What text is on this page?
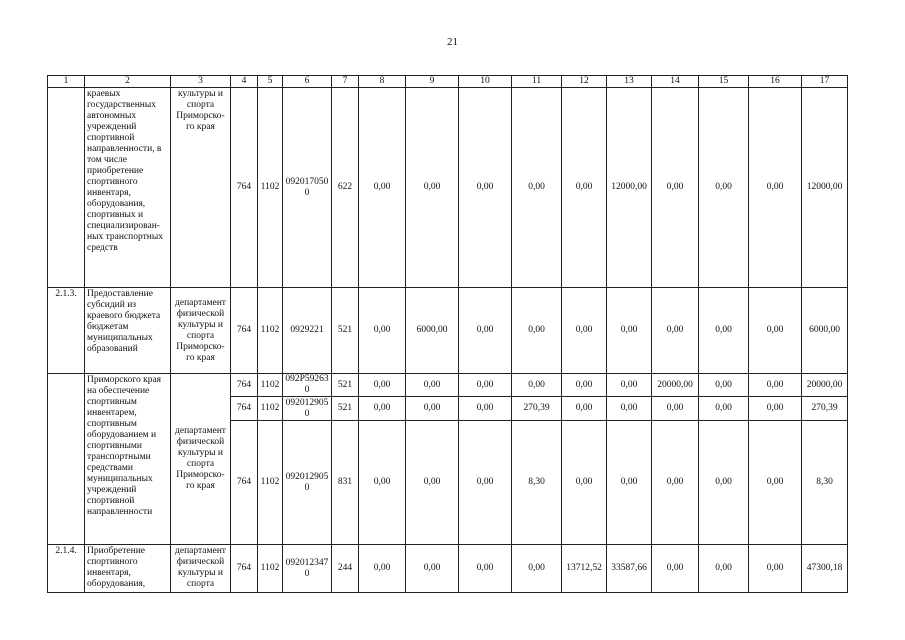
21
1	2	3	4	5	6	7	8	9	10	11	12	13	14	15	16	17
	краевых государственных автономных учреждений спортивной направленности, в том числе приобретение спортивного инвентаря, оборудования, спортивных и специализирован-ных транспортных средств	культуры и спорта Приморско-го края	764	1102	0920170500	622	0,00	0,00	0,00	0,00	0,00	12000,00	0,00	0,00	0,00	12000,00
2.1.3.	Предоставление субсидий из краевого бюджета бюджетам муниципальных образований	департамент физической культуры и спорта Приморско-го края	764	1102	0929221	521	0,00	6000,00	0,00	0,00	0,00	0,00	0,00	0,00	0,00	6000,00
	Приморского края на обеспечение спортивным инвентарем, спортивным оборудованием и спортивными транспортными средствами муниципальных учреждений спортивной направленности	департамент физической культуры и спорта Приморско-го края	764	1102	092P592630	521	0,00	0,00	0,00	0,00	0,00	0,00	20000,00	0,00	0,00	20000,00
			764	1102	0920129050	521	0,00	0,00	0,00	270,39	0,00	0,00	0,00	0,00	0,00	270,39
			764	1102	0920129050	831	0,00	0,00	0,00	8,30	0,00	0,00	0,00	0,00	0,00	8,30
2.1.4.	Приобретение спортивного инвентаря, оборудования,	департамент физической культуры и спорта	764	1102	0920123470	244	0,00	0,00	0,00	0,00	13712,52	33587,66	0,00	0,00	0,00	47300,18
